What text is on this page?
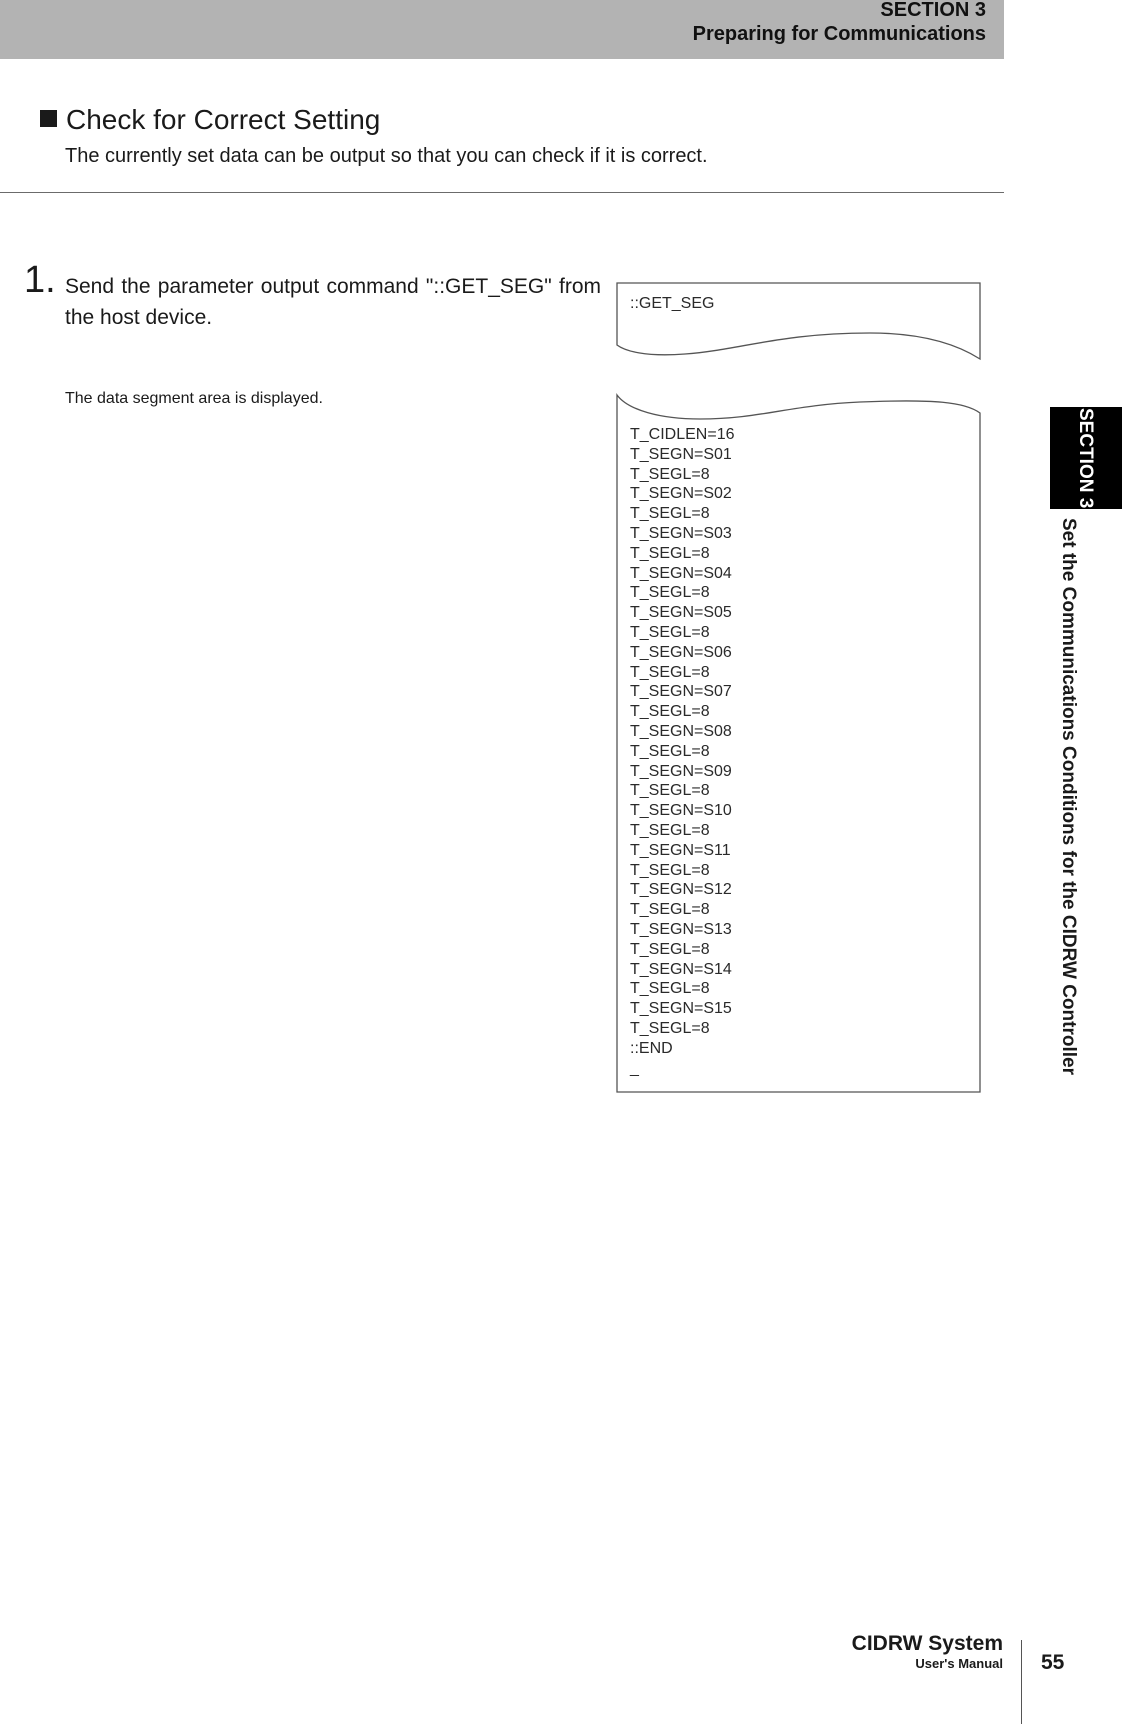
SECTION 3
Preparing for Communications
SECTION 3
Set the Communications Conditions for the CIDRW Controller
Check for Correct Setting
The currently set data can be output so that you can check if it is correct.
1. Send the parameter output command "::GET_SEG" from the host device.
The data segment area is displayed.
::GET_SEG
T_CIDLEN=16
T_SEGN=S01
T_SEGL=8
T_SEGN=S02
T_SEGL=8
T_SEGN=S03
T_SEGL=8
T_SEGN=S04
T_SEGL=8
T_SEGN=S05
T_SEGL=8
T_SEGN=S06
T_SEGL=8
T_SEGN=S07
T_SEGL=8
T_SEGN=S08
T_SEGL=8
T_SEGN=S09
T_SEGL=8
T_SEGN=S10
T_SEGL=8
T_SEGN=S11
T_SEGL=8
T_SEGN=S12
T_SEGL=8
T_SEGN=S13
T_SEGL=8
T_SEGN=S14
T_SEGL=8
T_SEGN=S15
T_SEGL=8
::END
_
CIDRW System
User's Manual 55
